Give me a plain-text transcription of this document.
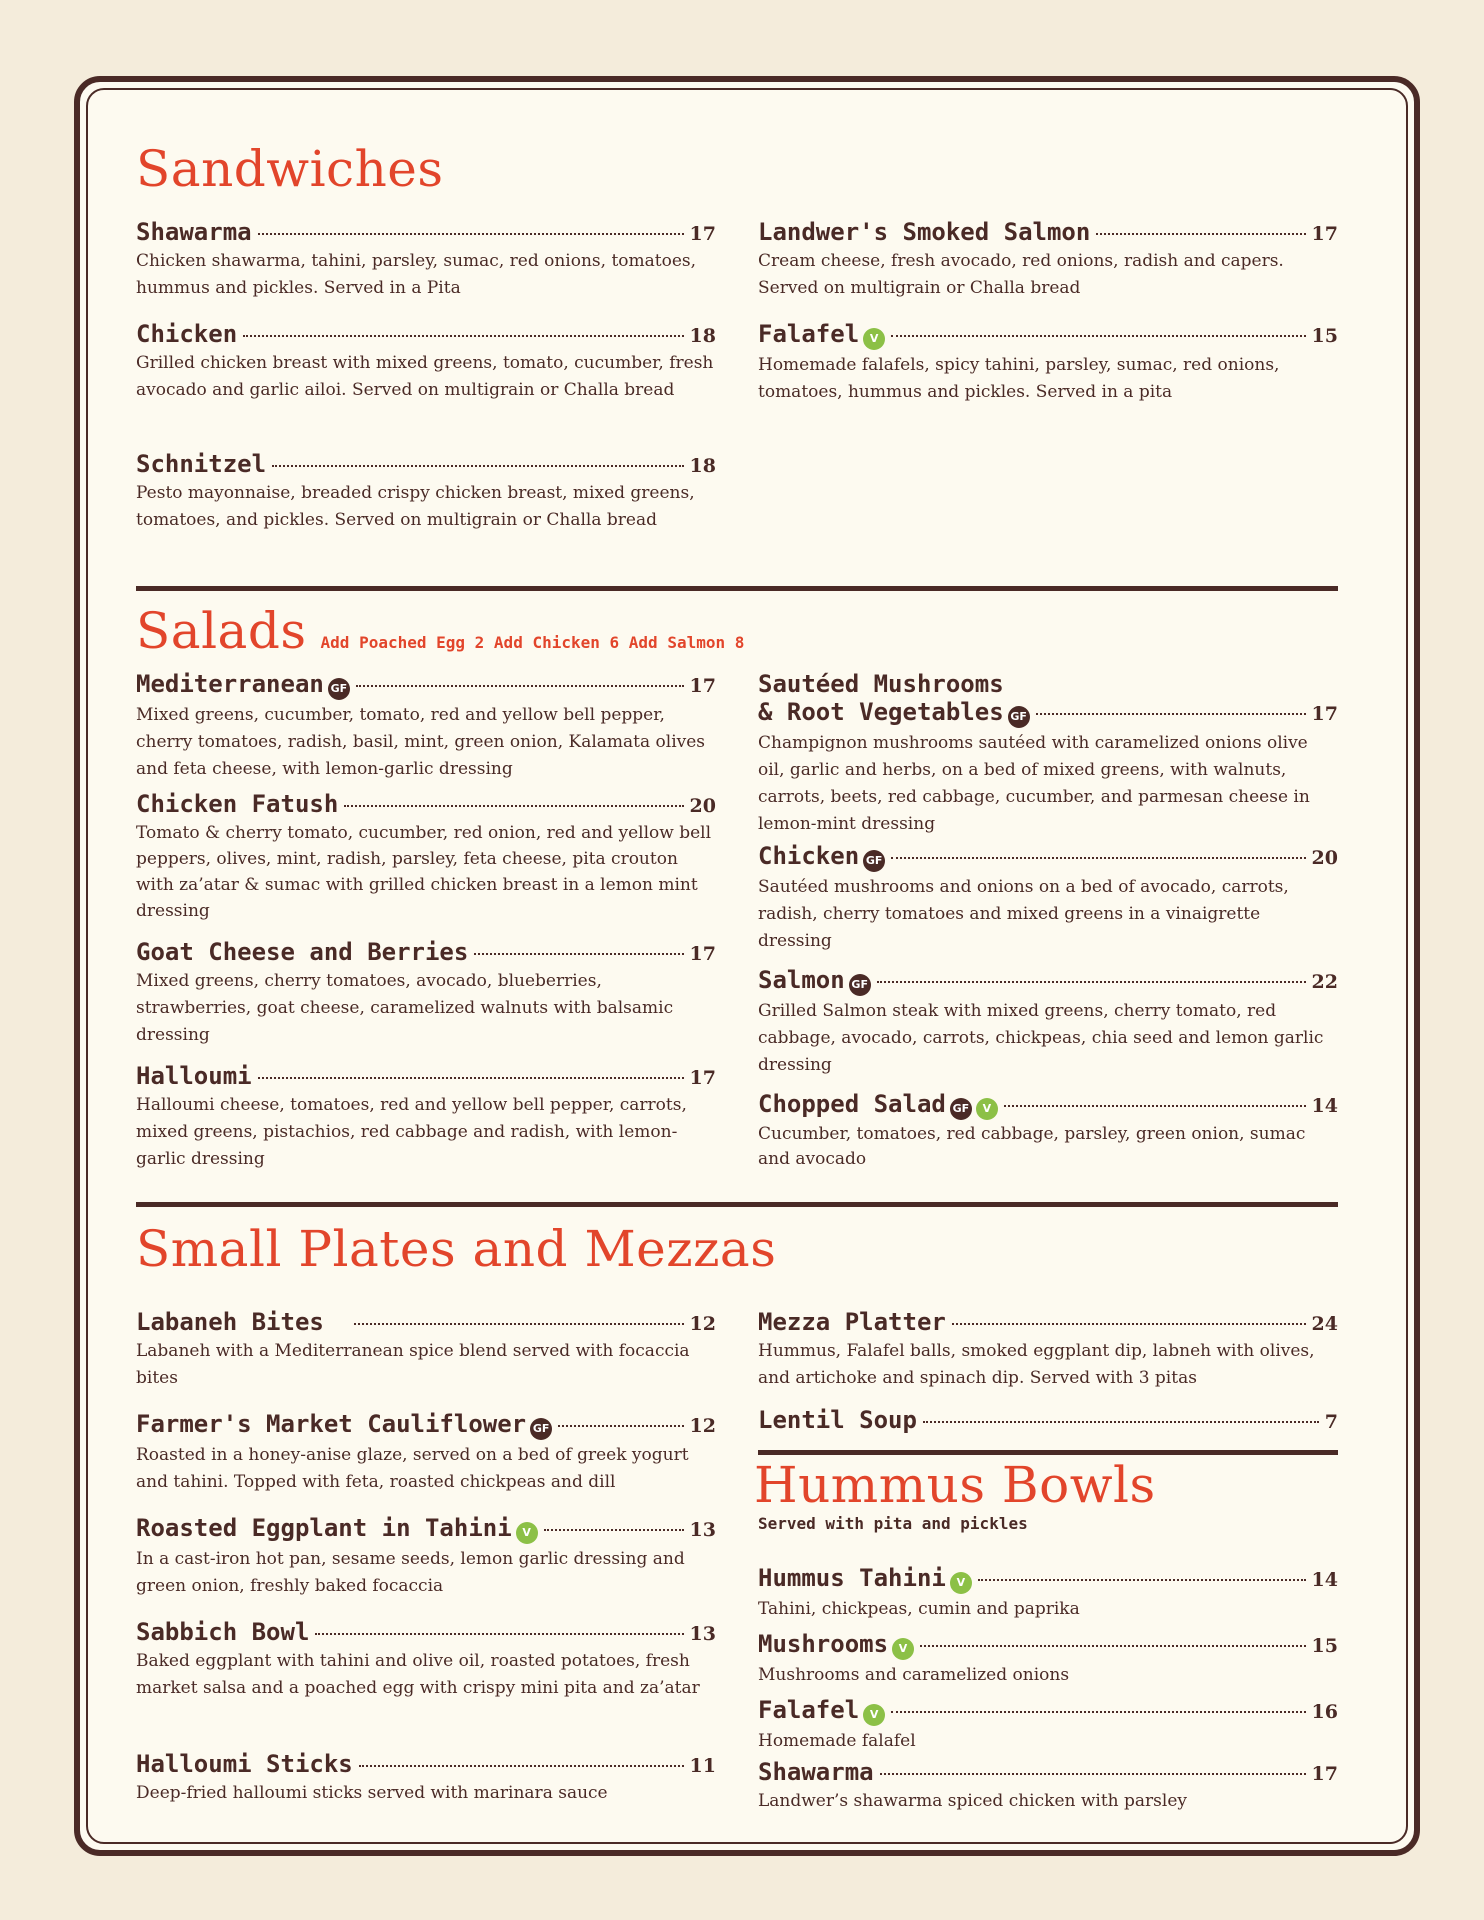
Sandwiches
Shawarma	17
Chicken shawarma, tahini, parsley, sumac, red onions, tomatoes, hummus and pickles. Served in a Pita
Chicken	18
Grilled chicken breast with mixed greens, tomato, cucumber, fresh avocado and garlic ailoi. Served on multigrain or Challa bread
Schnitzel	18
Pesto mayonnaise, breaded crispy chicken breast, mixed greens, tomatoes, and pickles. Served on multigrain or Challa bread
Landwer's Smoked Salmon	17
Cream cheese, fresh avocado, red onions, radish and capers. Served on multigrain or Challa bread
Falafel V	15
Homemade falafels, spicy tahini, parsley, sumac, red onions, tomatoes, hummus and pickles. Served in a pita
Salads Add Poached Egg 2 Add Chicken 6 Add Salmon 8
Mediterranean GF	17
Mixed greens, cucumber, tomato, red and yellow bell pepper, cherry tomatoes, radish, basil, mint, green onion, Kalamata olives and feta cheese, with lemon-garlic dressing
Chicken Fatush	20
Tomato & cherry tomato, cucumber, red onion, red and yellow bell peppers, olives, mint, radish, parsley, feta cheese, pita crouton with za’atar & sumac with grilled chicken breast in a lemon mint dressing
Goat Cheese and Berries	17
Mixed greens, cherry tomatoes, avocado, blueberries, strawberries, goat cheese, caramelized walnuts with balsamic dressing
Halloumi	17
Halloumi cheese, tomatoes, red and yellow bell pepper, carrots, mixed greens, pistachios, red cabbage and radish, with lemon-garlic dressing
Sautéed Mushrooms
& Root Vegetables GF	17
Champignon mushrooms sautéed with caramelized onions olive oil, garlic and herbs, on a bed of mixed greens, with walnuts, carrots, beets, red cabbage, cucumber, and parmesan cheese in lemon-mint dressing
Chicken GF	20
Sautéed mushrooms and onions on a bed of avocado, carrots, radish, cherry tomatoes and mixed greens in a vinaigrette dressing
Salmon GF	22
Grilled Salmon steak with mixed greens, cherry tomato, red cabbage, avocado, carrots, chickpeas, chia seed and lemon garlic dressing
Chopped Salad GF	V	14
Cucumber, tomatoes, red cabbage, parsley, green onion, sumac and avocado
Small Plates and Mezzas
Labaneh Bites	12
Labaneh with a Mediterranean spice blend served with focaccia bites
Farmer's Market Cauliflower GF	12
Roasted in a honey-anise glaze, served on a bed of greek yogurt and tahini. Topped with feta, roasted chickpeas and dill
Roasted Eggplant in Tahini V	13
In a cast-iron hot pan, sesame seeds, lemon garlic dressing and green onion, freshly baked focaccia
Sabbich Bowl	13
Baked eggplant with tahini and olive oil, roasted potatoes, fresh market salsa and a poached egg with crispy mini pita and za’atar
Halloumi Sticks	11
Deep-fried halloumi sticks served with marinara sauce
Mezza Platter	24
Hummus, Falafel balls, smoked eggplant dip, labneh with olives, and artichoke and spinach dip. Served with 3 pitas
Lentil Soup	7
Hummus Bowls
Served with pita and pickles
Hummus Tahini V	14
Tahini, chickpeas, cumin and paprika
Mushrooms V	15
Mushrooms and caramelized onions
Falafel V	16
Homemade falafel
Shawarma	17
Landwer’s shawarma spiced chicken with parsley
